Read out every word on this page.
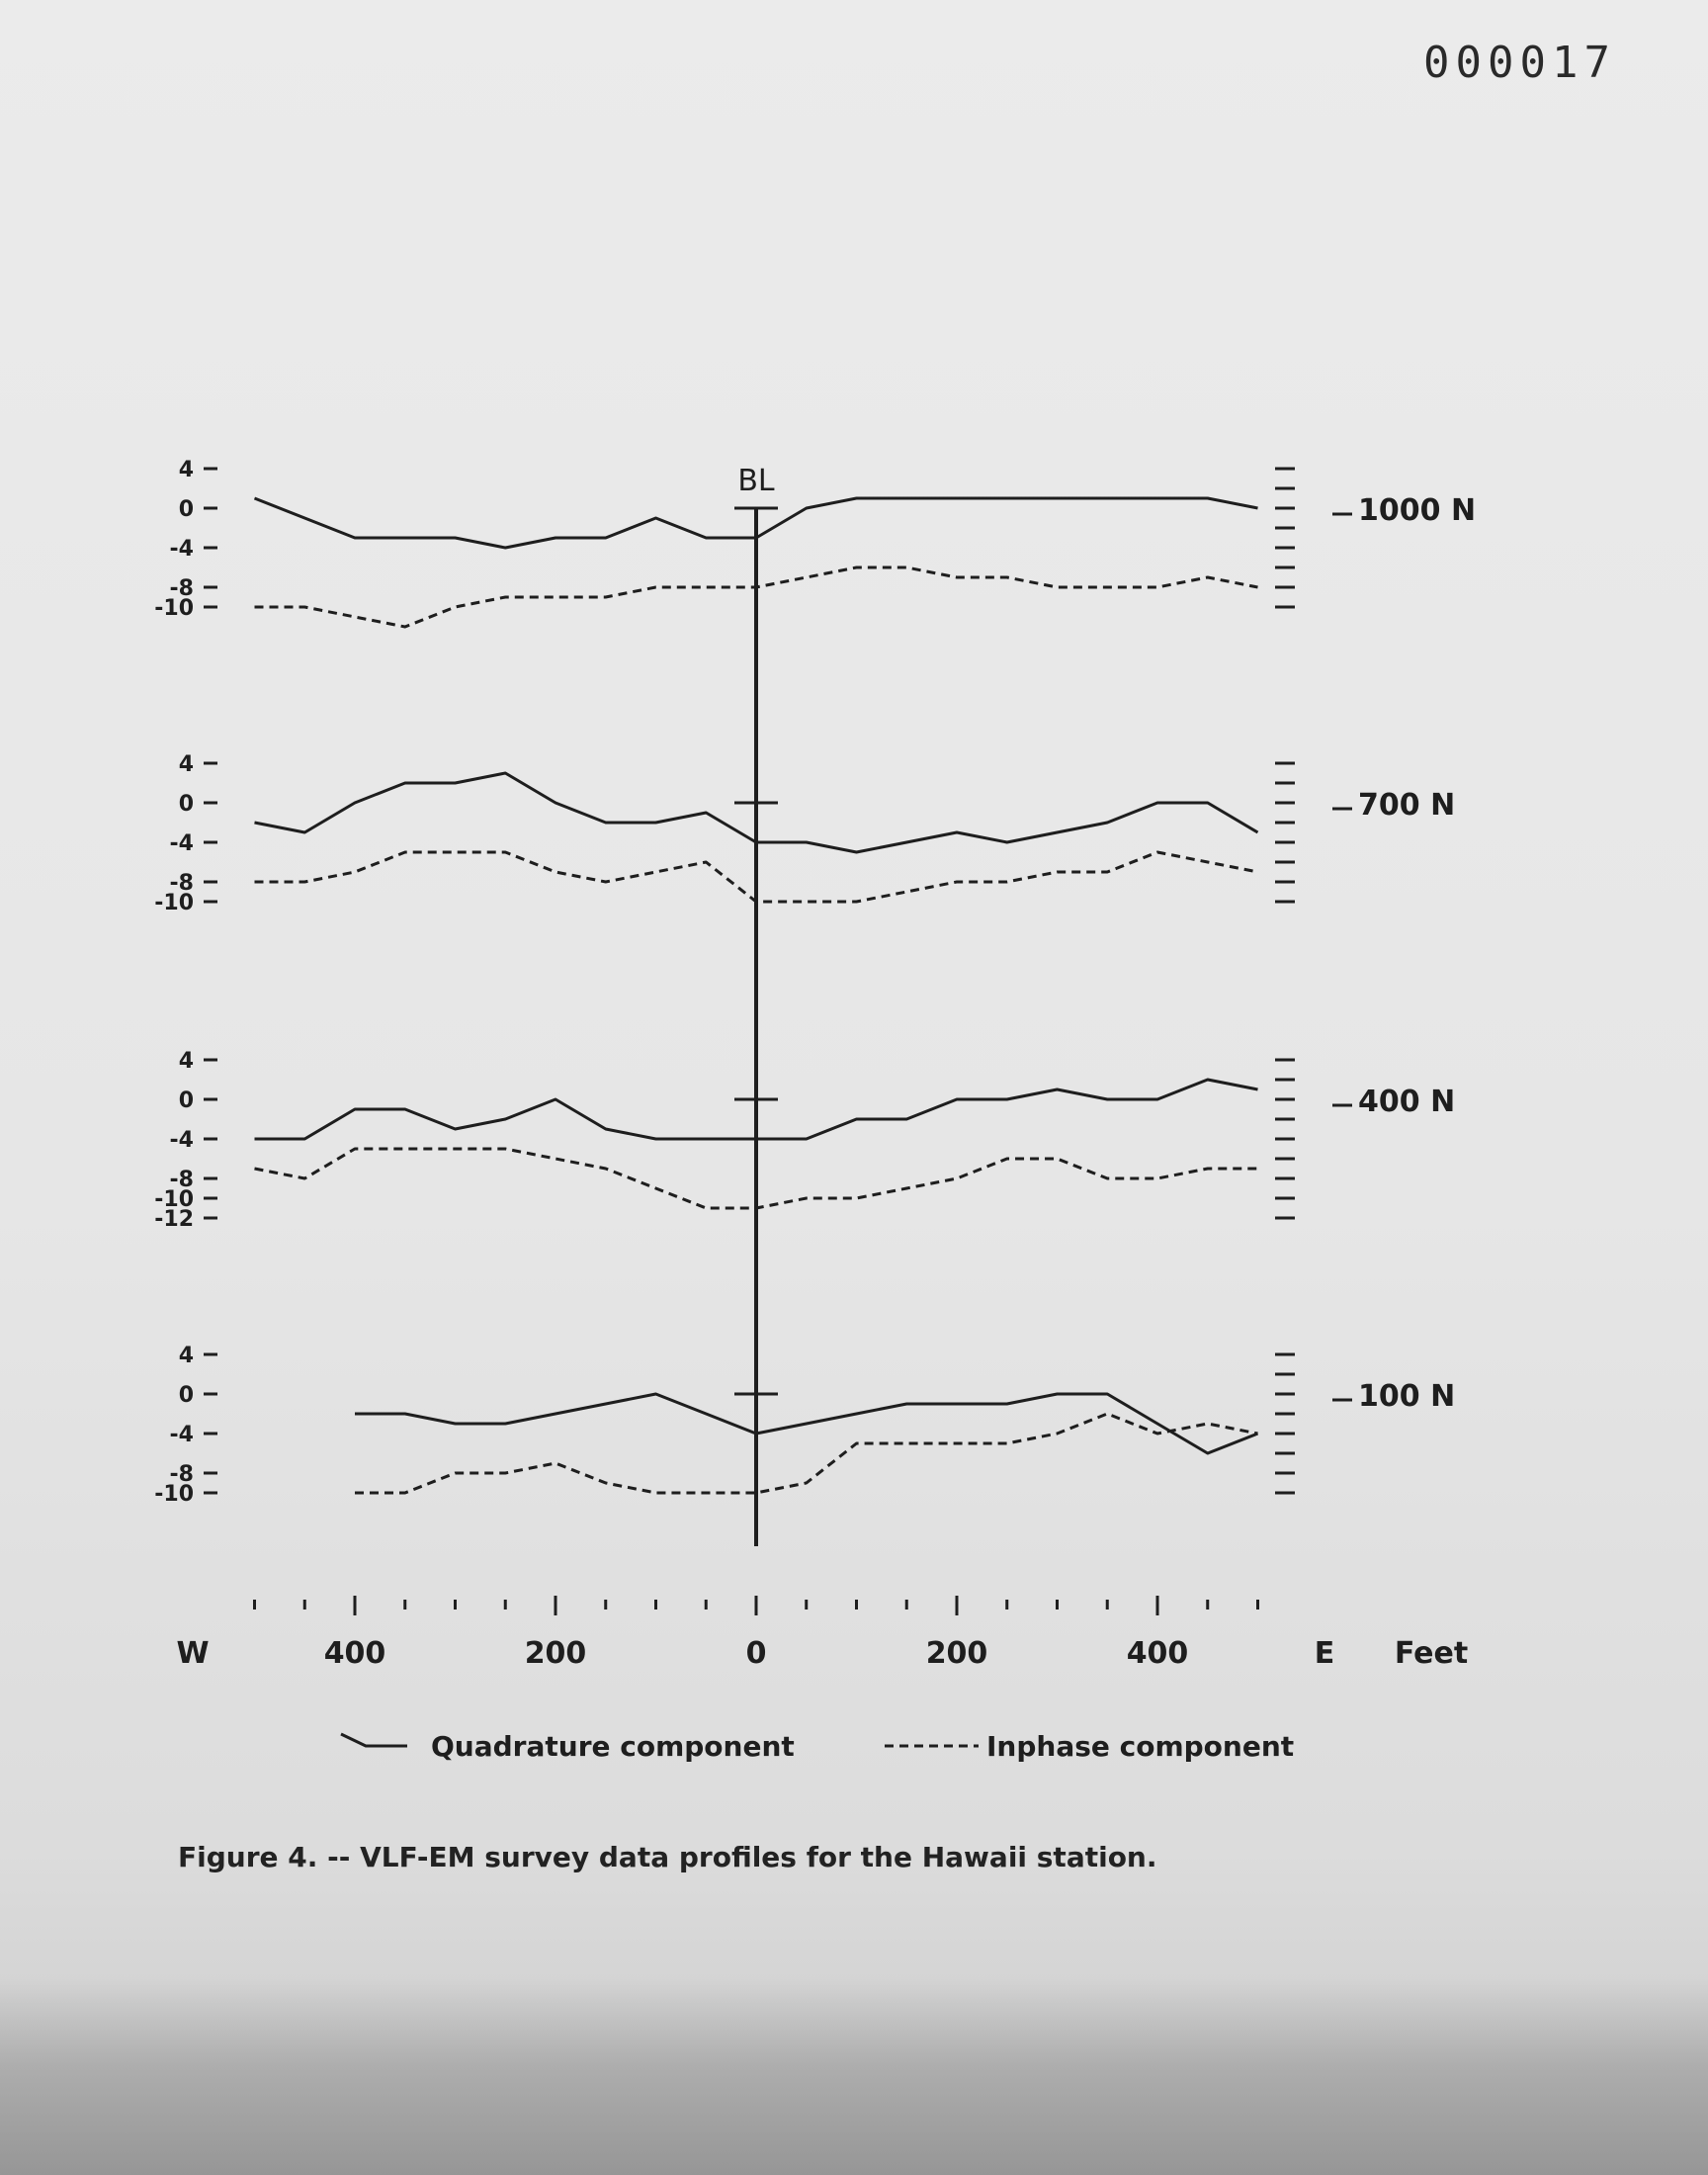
000017
BL
4
0
-4
-8
-10
1000 N
4
0
-4
-8
-10
700 N
4
0
-4
-8
-10
-12
400 N
4
0
-4
-8
-10
100 N
400	200	0	200	400
W	E Feet
Quadrature component	Inphase component
Figure 4. -- VLF-EM survey data profiles for the Hawaii station.
